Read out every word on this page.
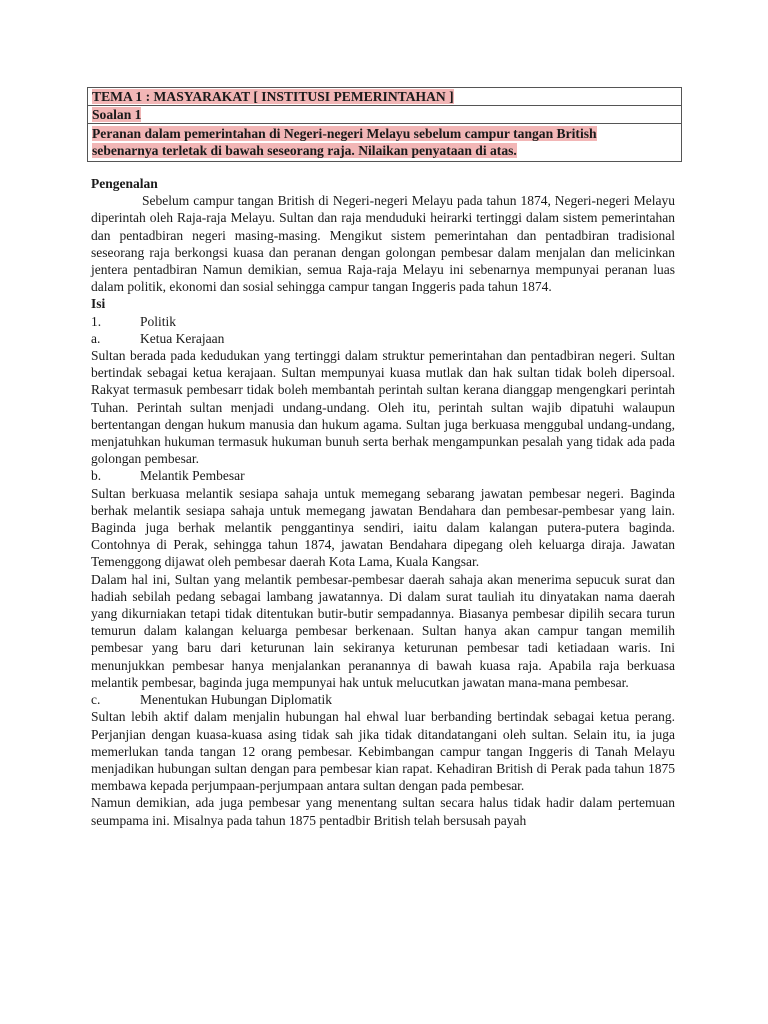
TEMA 1 : MASYARAKAT [ INSTITUSI PEMERINTAHAN ]
Soalan 1
Peranan dalam pemerintahan di Negeri-negeri Melayu sebelum campur tangan British
sebenarnya terletak di bawah seseorang raja. Nilaikan penyataan di atas.

Pengenalan

Sebelum campur tangan British di Negeri-negeri Melayu pada tahun 1874, Negeri-negeri Melayu diperintah oleh Raja-raja Melayu. Sultan dan raja menduduki heirarki tertinggi dalam sistem pemerintahan dan pentadbiran negeri masing-masing. Mengikut sistem pemerintahan dan pentadbiran tradisional seseorang raja berkongsi kuasa dan peranan dengan golongan pembesar dalam menjalan dan melicinkan jentera pentadbiran Namun demikian, semua Raja-raja Melayu ini sebenarnya mempunyai peranan luas dalam politik, ekonomi dan sosial sehingga campur tangan Inggeris pada tahun 1874.

Isi

1.	Politik

a.	Ketua Kerajaan

Sultan berada pada kedudukan yang tertinggi dalam struktur pemerintahan dan pentadbiran negeri. Sultan bertindak sebagai ketua kerajaan. Sultan mempunyai kuasa mutlak dan hak sultan tidak boleh dipersoal. Rakyat termasuk pembesarr tidak boleh membantah perintah sultan kerana dianggap mengengkari perintah Tuhan. Perintah sultan menjadi undang-undang. Oleh itu, perintah sultan wajib dipatuhi walaupun bertentangan dengan hukum manusia dan hukum agama. Sultan juga berkuasa menggubal undang-undang, menjatuhkan hukuman termasuk hukuman bunuh serta berhak mengampunkan pesalah yang tidak ada pada golongan pembesar.

b.	Melantik Pembesar

Sultan berkuasa melantik sesiapa sahaja untuk memegang sebarang jawatan pembesar negeri. Baginda berhak melantik sesiapa sahaja untuk memegang jawatan Bendahara dan pembesar-pembesar yang lain. Baginda juga berhak melantik penggantinya sendiri, iaitu dalam kalangan putera-putera baginda. Contohnya di Perak, sehingga tahun 1874, jawatan Bendahara dipegang oleh keluarga diraja. Jawatan Temenggong dijawat oleh pembesar daerah Kota Lama, Kuala Kangsar.

Dalam hal ini, Sultan yang melantik pembesar-pembesar daerah sahaja akan menerima sepucuk surat dan hadiah sebilah pedang sebagai lambang jawatannya. Di dalam surat tauliah itu dinyatakan nama daerah yang dikurniakan tetapi tidak ditentukan butir-butir sempadannya. Biasanya pembesar dipilih secara turun temurun dalam kalangan keluarga pembesar berkenaan. Sultan hanya akan campur tangan memilih pembesar yang baru dari keturunan lain sekiranya keturunan pembesar tadi ketiadaan waris. Ini menunjukkan pembesar hanya menjalankan peranannya di bawah kuasa raja. Apabila raja berkuasa melantik pembesar, baginda juga mempunyai hak untuk melucutkan jawatan mana-mana pembesar.

c.	Menentukan Hubungan Diplomatik

Sultan lebih aktif dalam menjalin hubungan hal ehwal luar berbanding bertindak sebagai ketua perang. Perjanjian dengan kuasa-kuasa asing tidak sah jika tidak ditandatangani oleh sultan. Selain itu, ia juga memerlukan tanda tangan 12 orang pembesar. Kebimbangan campur tangan Inggeris di Tanah Melayu menjadikan hubungan sultan dengan para pembesar kian rapat. Kehadiran British di Perak pada tahun 1875 membawa kepada perjumpaan-perjumpaan antara sultan dengan pada pembesar.

Namun demikian, ada juga pembesar yang menentang sultan secara halus tidak hadir dalam pertemuan seumpama ini. Misalnya pada tahun 1875 pentadbir British telah bersusah payah
